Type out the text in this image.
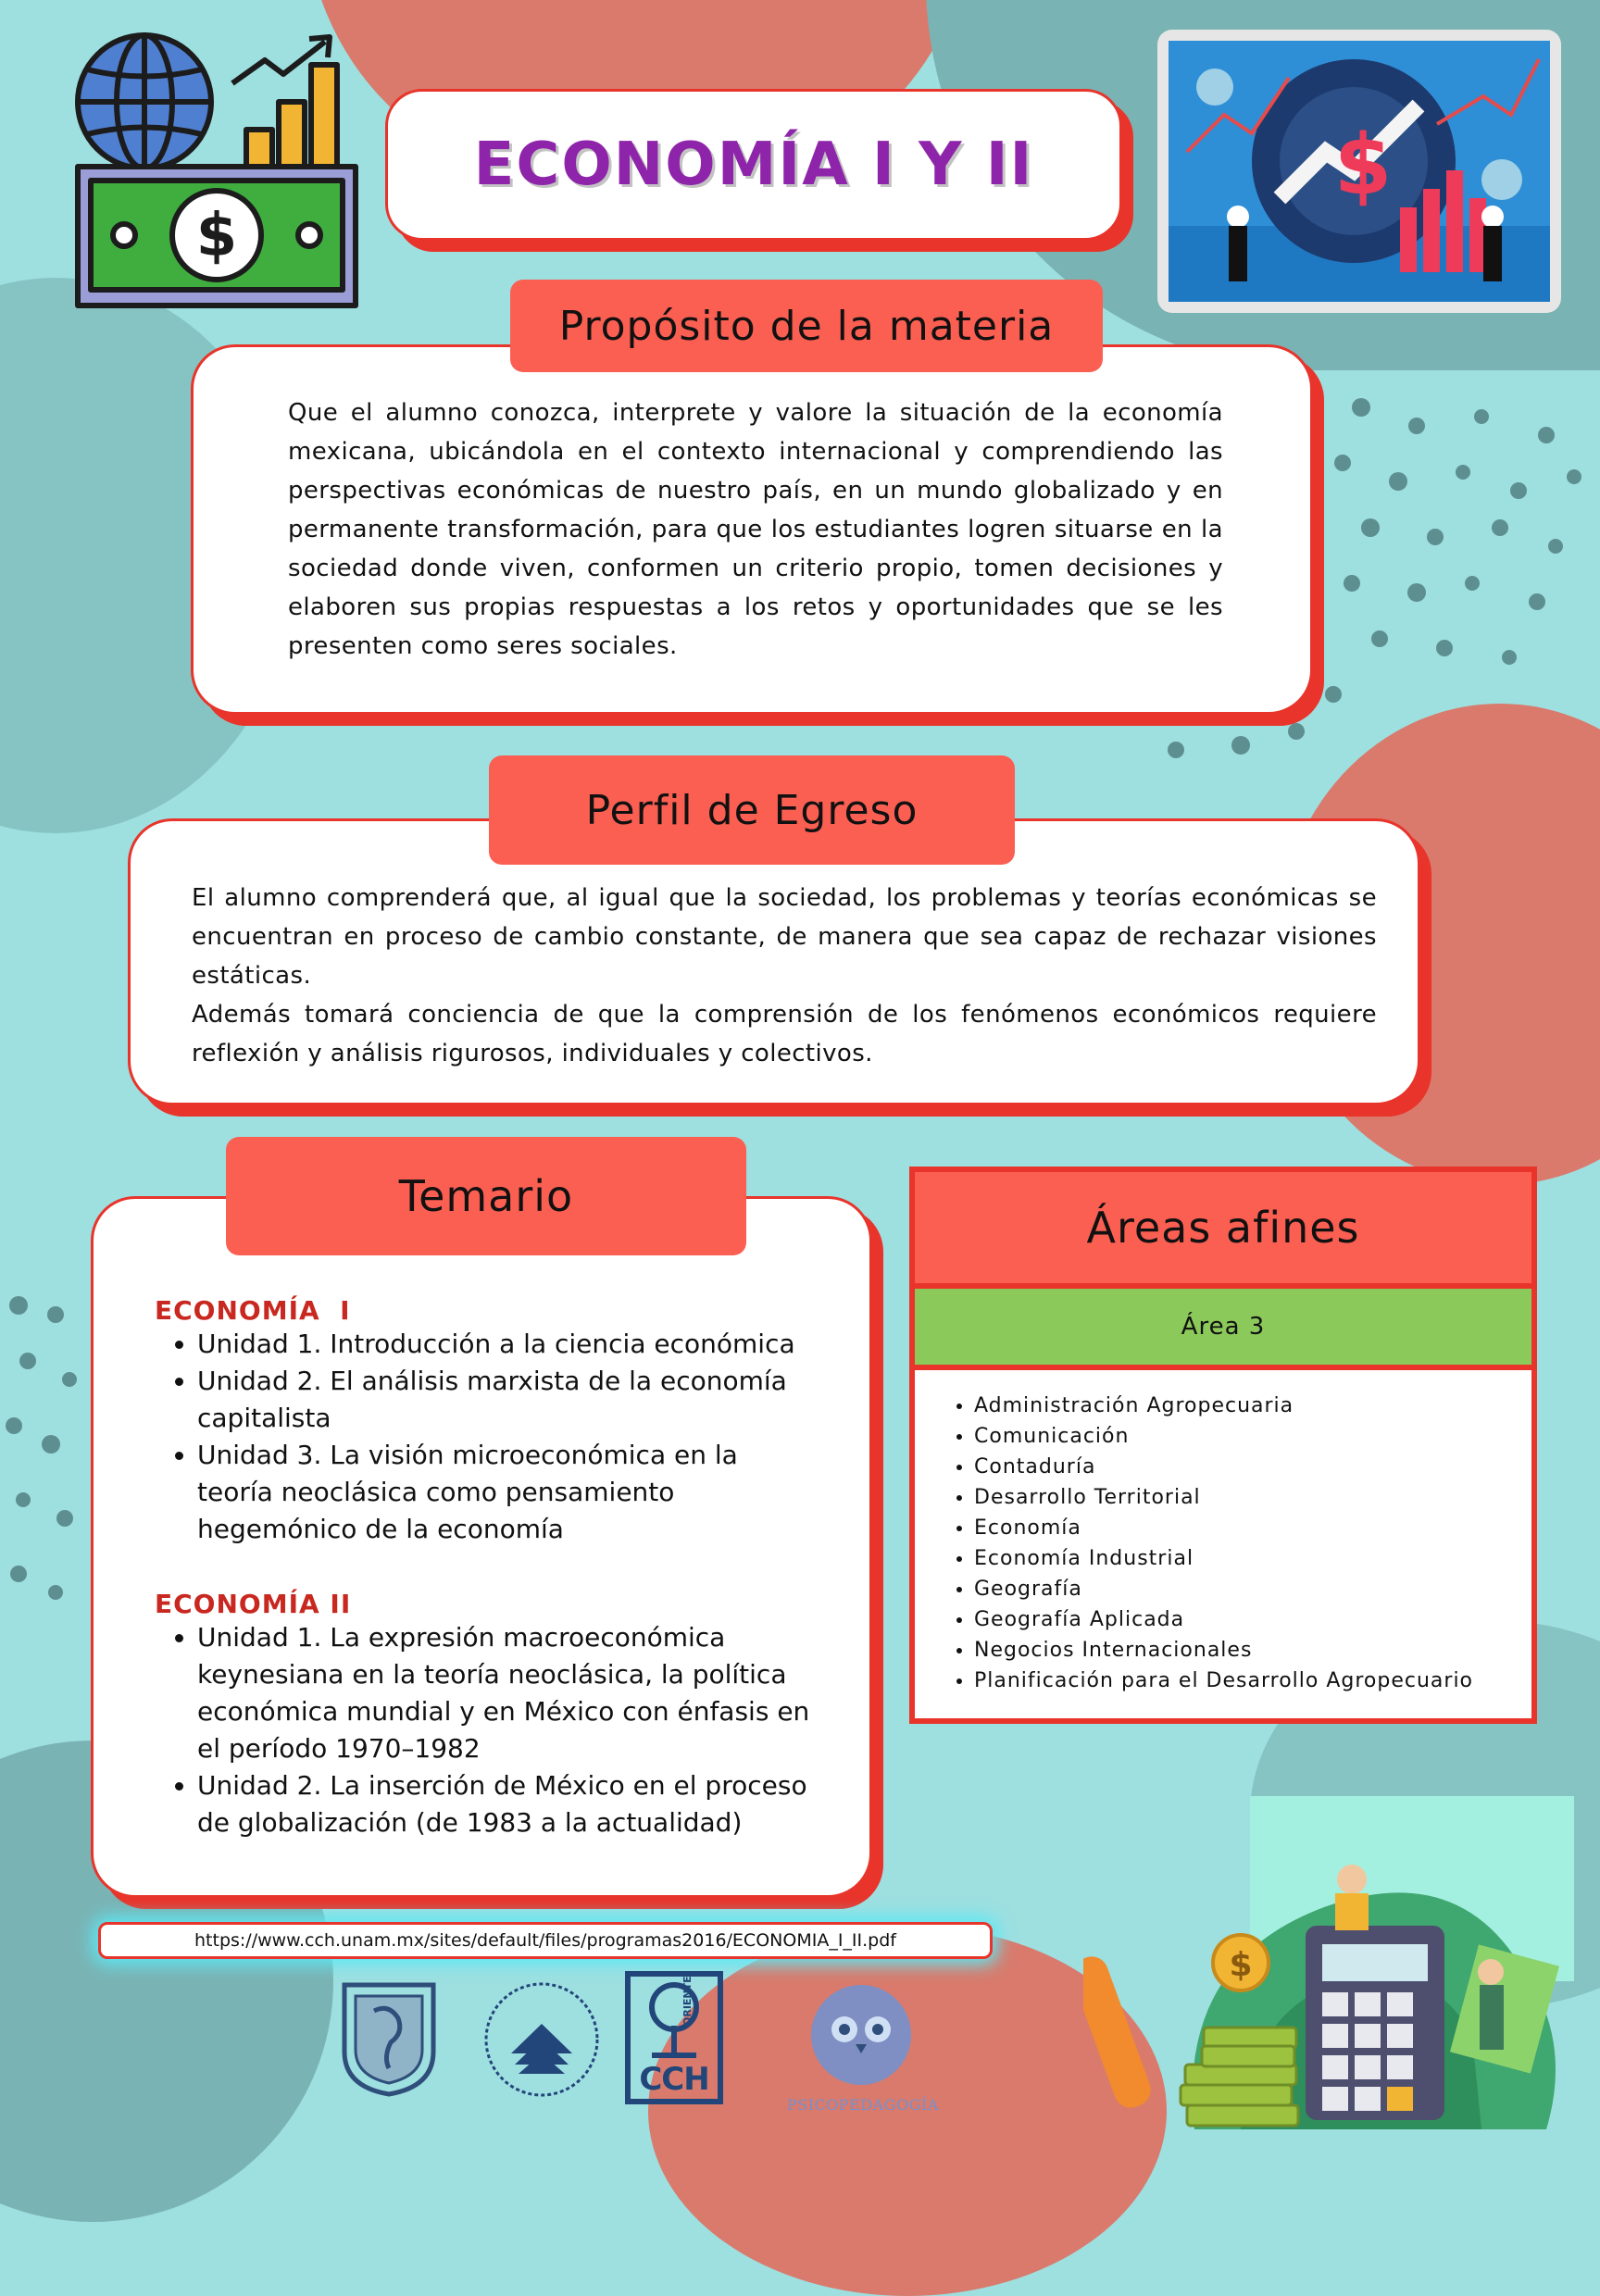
$
ECONOMÍA I Y II	$
Que el alumno conozca, interprete y valore la situación de la economía mexicana, ubicándola en el contexto internacional y comprendiendo las perspectivas económicas de nuestro país, en un mundo globalizado y en permanente transformación, para que los estudiantes logren situarse en la sociedad donde viven, conformen un criterio propio, tomen decisiones y elaboren sus propias respuestas a los retos y oportunidades que se les presenten como seres sociales.
Propósito de la materia

El alumno comprenderá que, al igual que la sociedad, los problemas y teorías económicas se encuentran en proceso de cambio constante, de manera que sea capaz de rechazar visiones estáticas.

Además tomará conciencia de que la comprensión de los fenómenos económicos requiere reflexión y análisis rigurosos, individuales y colectivos.

Perfil de Egreso
ECONOMÍA  I
• Unidad 1. Introducción a la ciencia económica
• Unidad 2. El análisis marxista de la economía capitalista
• Unidad 3. La visión microeconómica en la teoría neoclásica como pensamiento hegemónico de la economía
ECONOMÍA II
• Unidad 1. La expresión macroeconómica keynesiana en la teoría neoclásica, la política económica mundial y en México con énfasis en el período 1970–1982
• Unidad 2. La inserción de México en el proceso de globalización (de 1983 a la actualidad)
Temario
Áreas afines
Área 3
• Administración Agropecuaria
• Comunicación
• Contaduría
• Desarrollo Territorial
• Economía
• Economía Industrial
• Geografía
• Geografía Aplicada
• Negocios Internacionales
• Planificación para el Desarrollo Agropecuario
$
https://www.cch.unam.mx/sites/default/files/programas2016/ECONOMIA_I_II.pdf
CCH
ORIENTE
PSICOPEDAGOGÍA
